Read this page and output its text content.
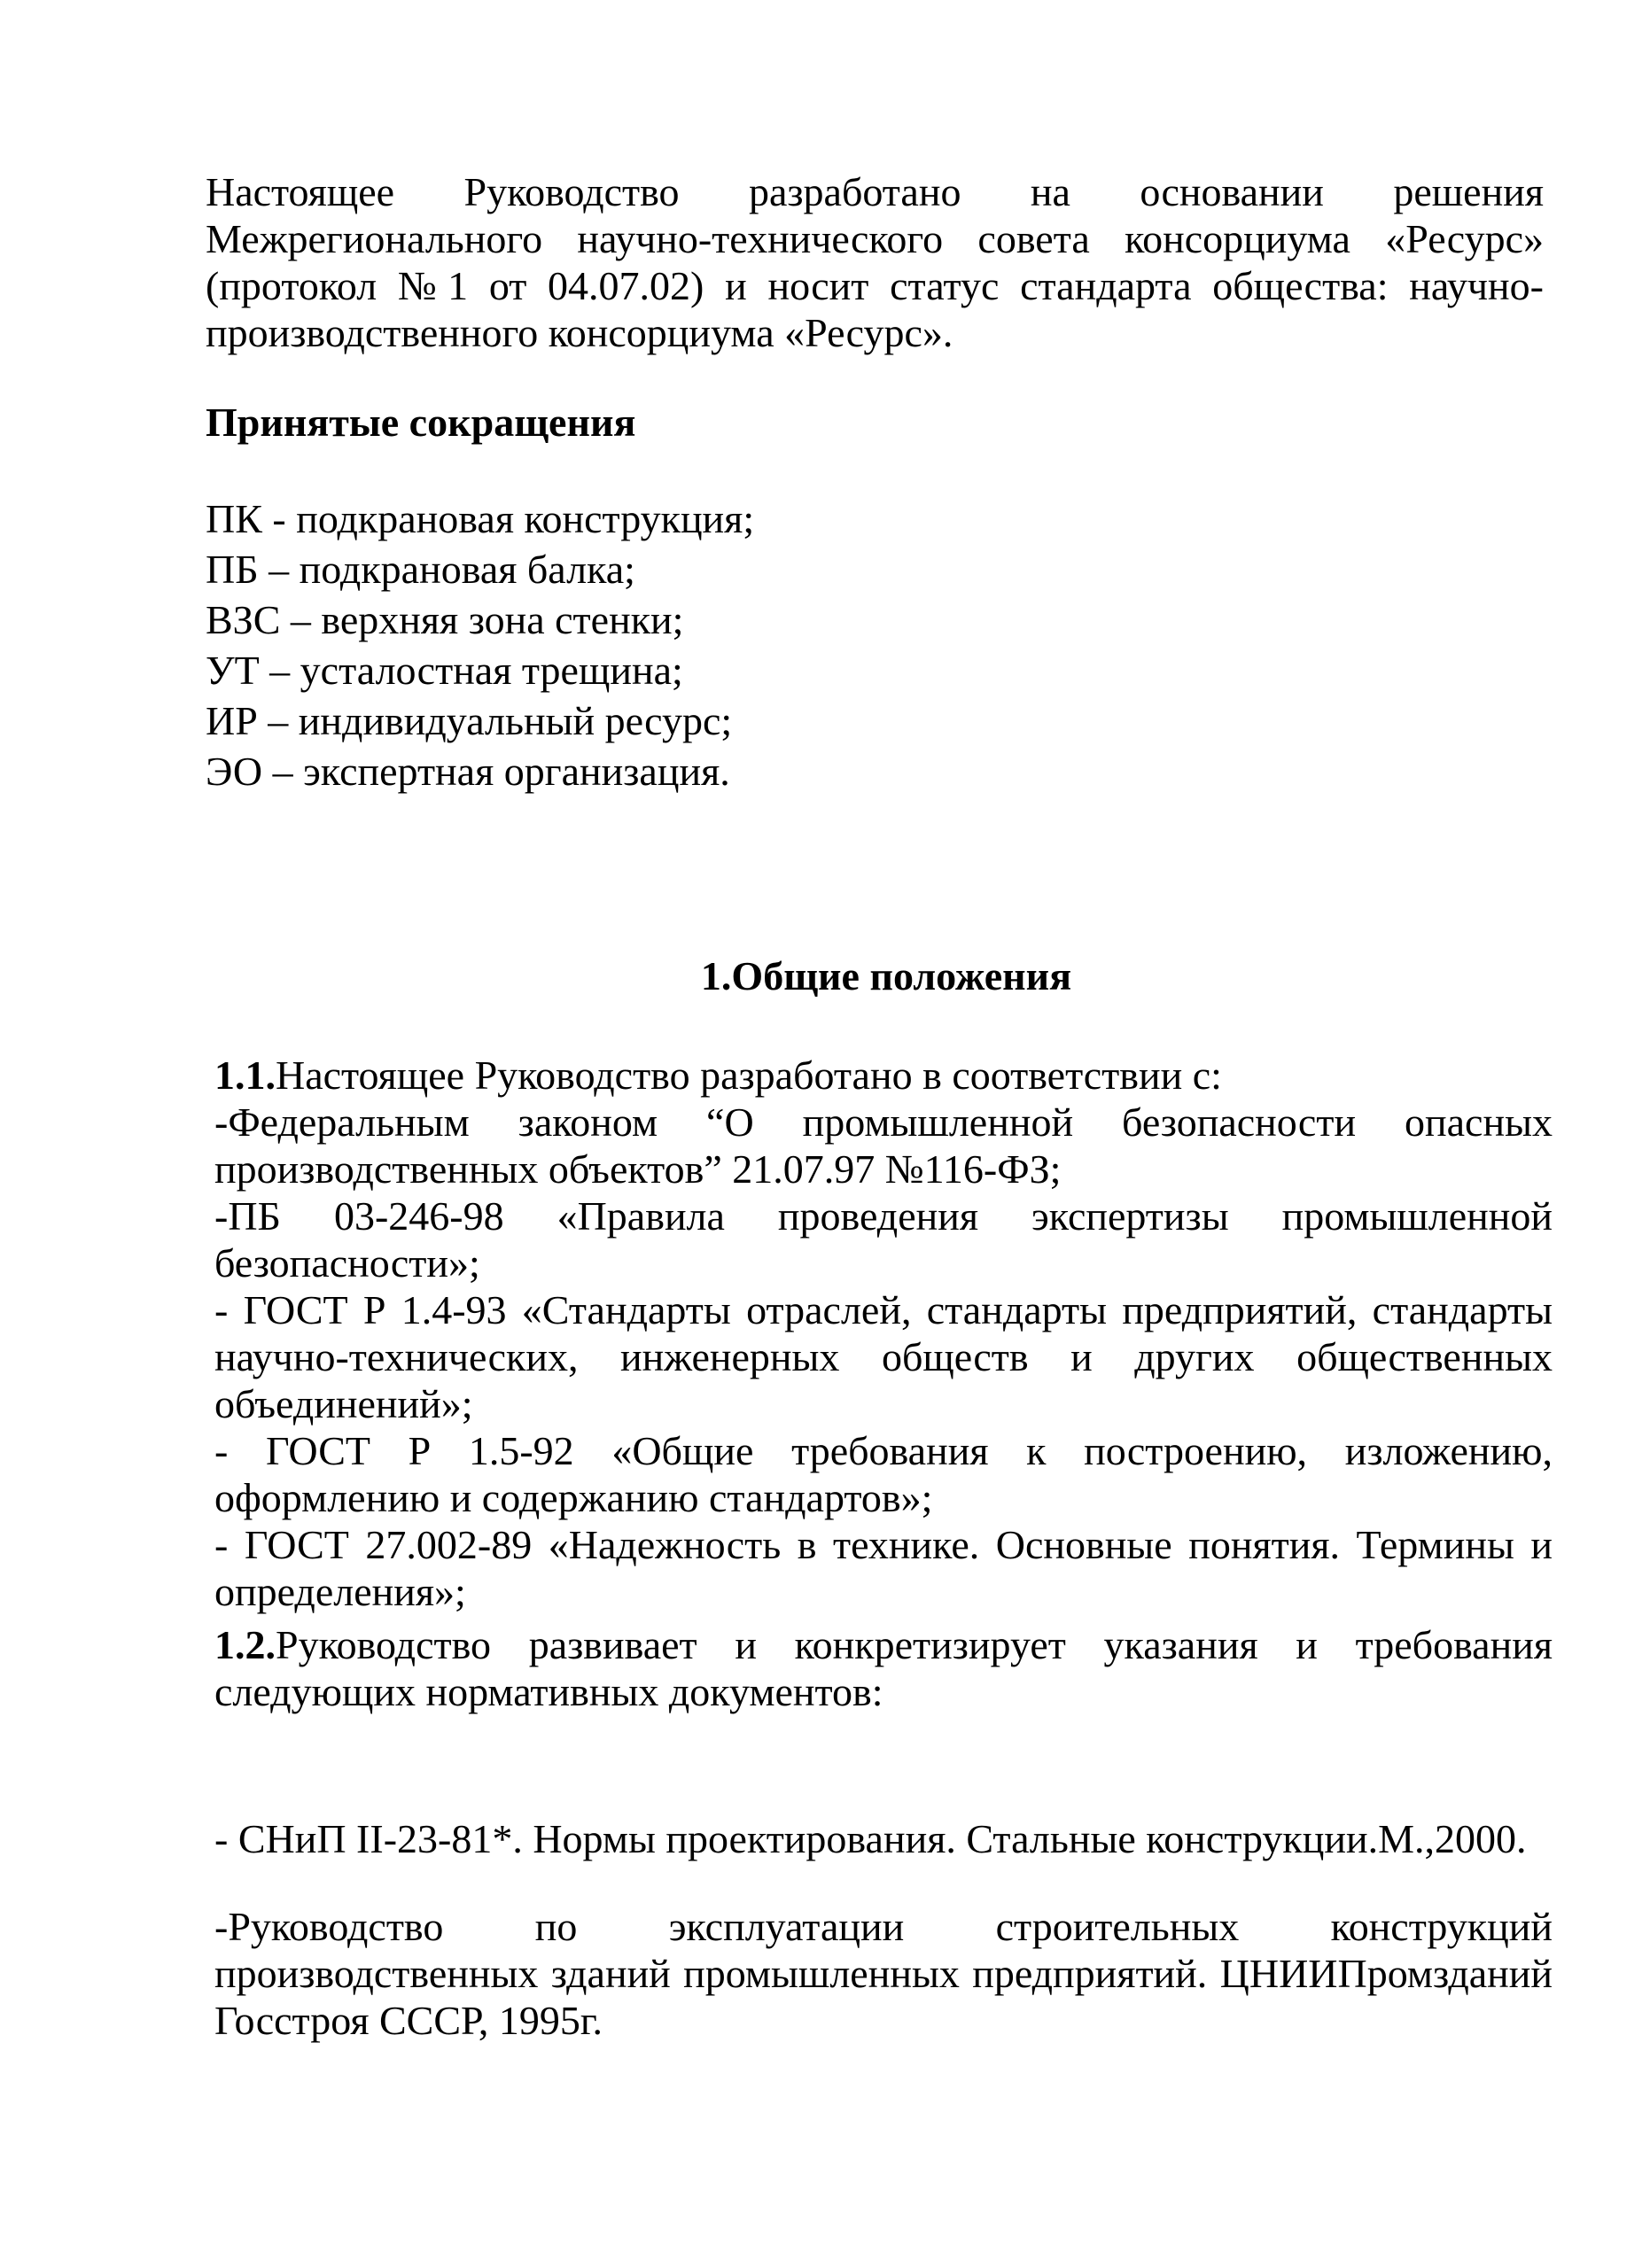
Настоящее Руководство разработано на основании решения Межрегионального научно-технического совета консорциума «Ресурс» (протокол №1 от 04.07.02) и носит статус стандарта общества: научно-производственного консорциума «Ресурс».

Принятые сокращения
ПК - подкрановая конструкция;
ПБ – подкрановая балка;
ВЗС – верхняя зона стенки;
УТ – усталостная трещина;
ИР – индивидуальный ресурс;
ЭО – экспертная организация.
1.Общие положения

1.1.Настоящее Руководство разработано в соответствии с:

-Федеральным законом “О промышленной безопасности опасных производственных объектов” 21.07.97 №116-ФЗ;

-ПБ 03-246-98 «Правила проведения экспертизы промышленной безопасности»;

- ГОСТ Р 1.4-93 «Стандарты отраслей, стандарты предприятий, стандарты научно-технических, инженерных обществ и других общественных объединений»;

- ГОСТ Р 1.5-92 «Общие требования к построению, изложению, оформлению и содержанию стандартов»;

- ГОСТ 27.002-89 «Надежность в технике. Основные понятия. Термины и определения»;

1.2.Руководство развивает и конкретизирует указания и требования следующих нормативных документов:

- СНиП II-23-81*. Нормы проектирования. Стальные конструкции.М.,2000.

-Руководство по эксплуатации строительных конструкций производственных зданий промышленных предприятий. ЦНИИПромзданий Госстроя СССР, 1995г.
